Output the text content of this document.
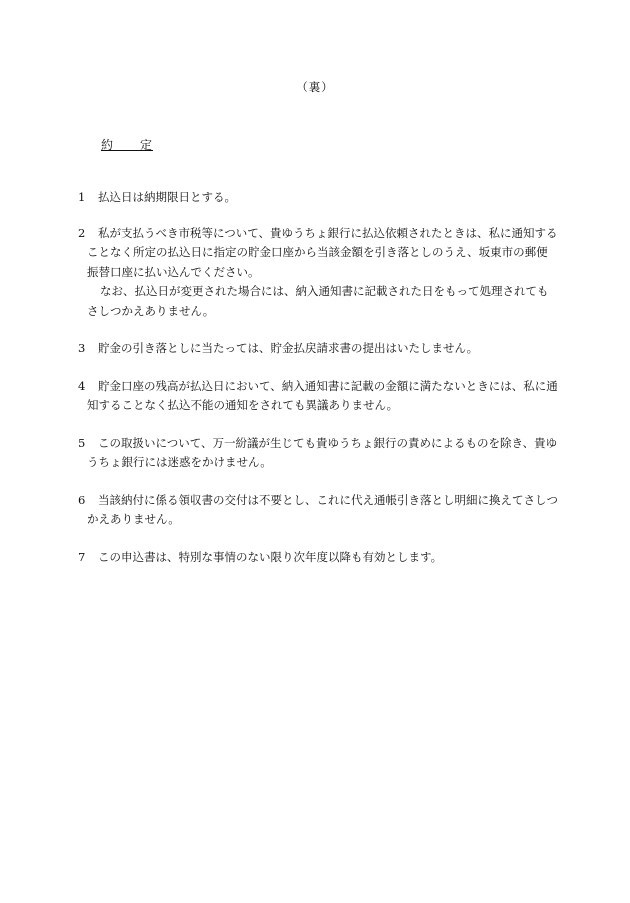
（裏）
約　　定

1 払込日は納期限日とする。

2 私が支払うべき市税等について、貴ゆうちょ銀行に払込依頼されたときは、私に通知することなく所定の払込日に指定の貯金口座から当該金額を引き落としのうえ、坂東市の郵便振替口座に払い込んでください。

なお、払込日が変更された場合には、納入通知書に記載された日をもって処理されてもさしつかえありません。

3 貯金の引き落としに当たっては、貯金払戻請求書の提出はいたしません。

4 貯金口座の残高が払込日において、納入通知書に記載の金額に満たないときには、私に通知することなく払込不能の通知をされても異議ありません。

5 この取扱いについて、万一紛議が生じても貴ゆうちょ銀行の責めによるものを除き、貴ゆうちょ銀行には迷惑をかけません。

6 当該納付に係る領収書の交付は不要とし、これに代え通帳引き落とし明細に換えてさしつかえありません。

7 この申込書は、特別な事情のない限り次年度以降も有効とします。
